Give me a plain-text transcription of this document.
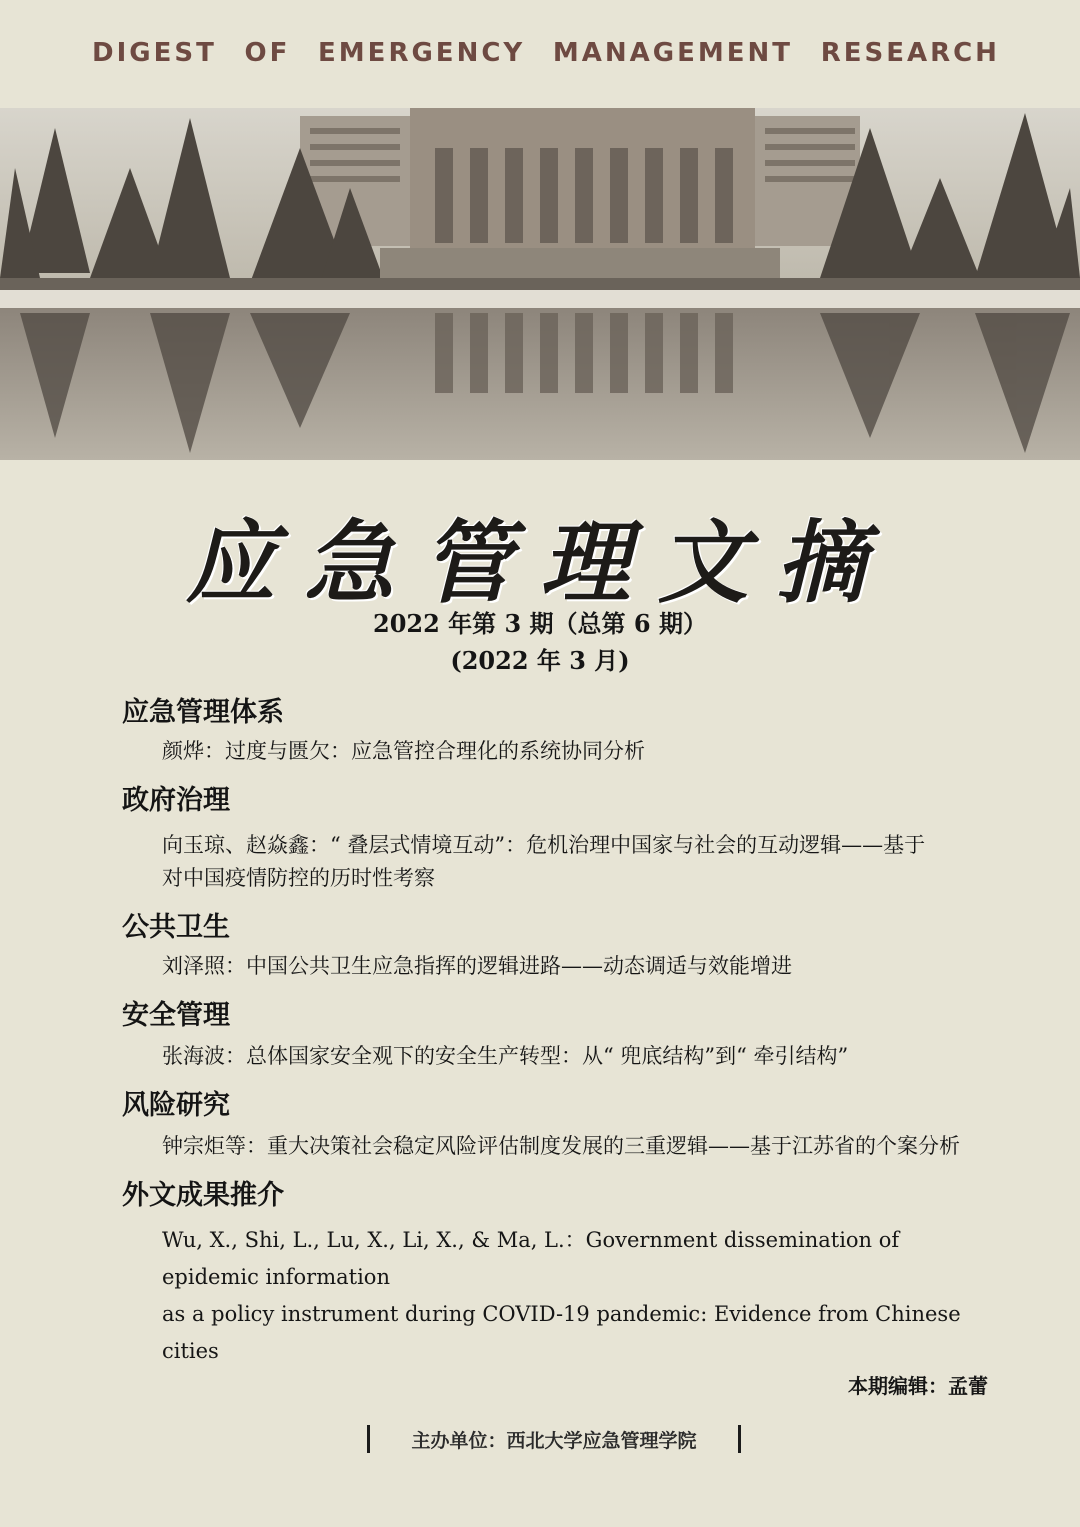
DIGEST OF EMERGENCY MANAGEMENT RESEARCH
应急管理文摘
2022 年第 3 期（总第 6 期）
(2022 年 3 月)

应急管理体系

颜烨：过度与匮欠：应急管控合理化的系统协同分析

政府治理

向玉琼、赵焱鑫：“ 叠层式情境互动”：危机治理中国家与社会的互动逻辑——基于

对中国疫情防控的历时性考察

公共卫生

刘泽照：中国公共卫生应急指挥的逻辑进路——动态调适与效能增进

安全管理

张海波：总体国家安全观下的安全生产转型：从“ 兜底结构”到“ 牵引结构”

风险研究

钟宗炬等：重大决策社会稳定风险评估制度发展的三重逻辑——基于江苏省的个案分析

外文成果推介

Wu, X., Shi, L., Lu, X., Li, X., & Ma, L.：Government dissemination of epidemic information

as a policy instrument during COVID-19 pandemic: Evidence from Chinese cities

本期编辑：孟蕾
主办单位：西北大学应急管理学院
